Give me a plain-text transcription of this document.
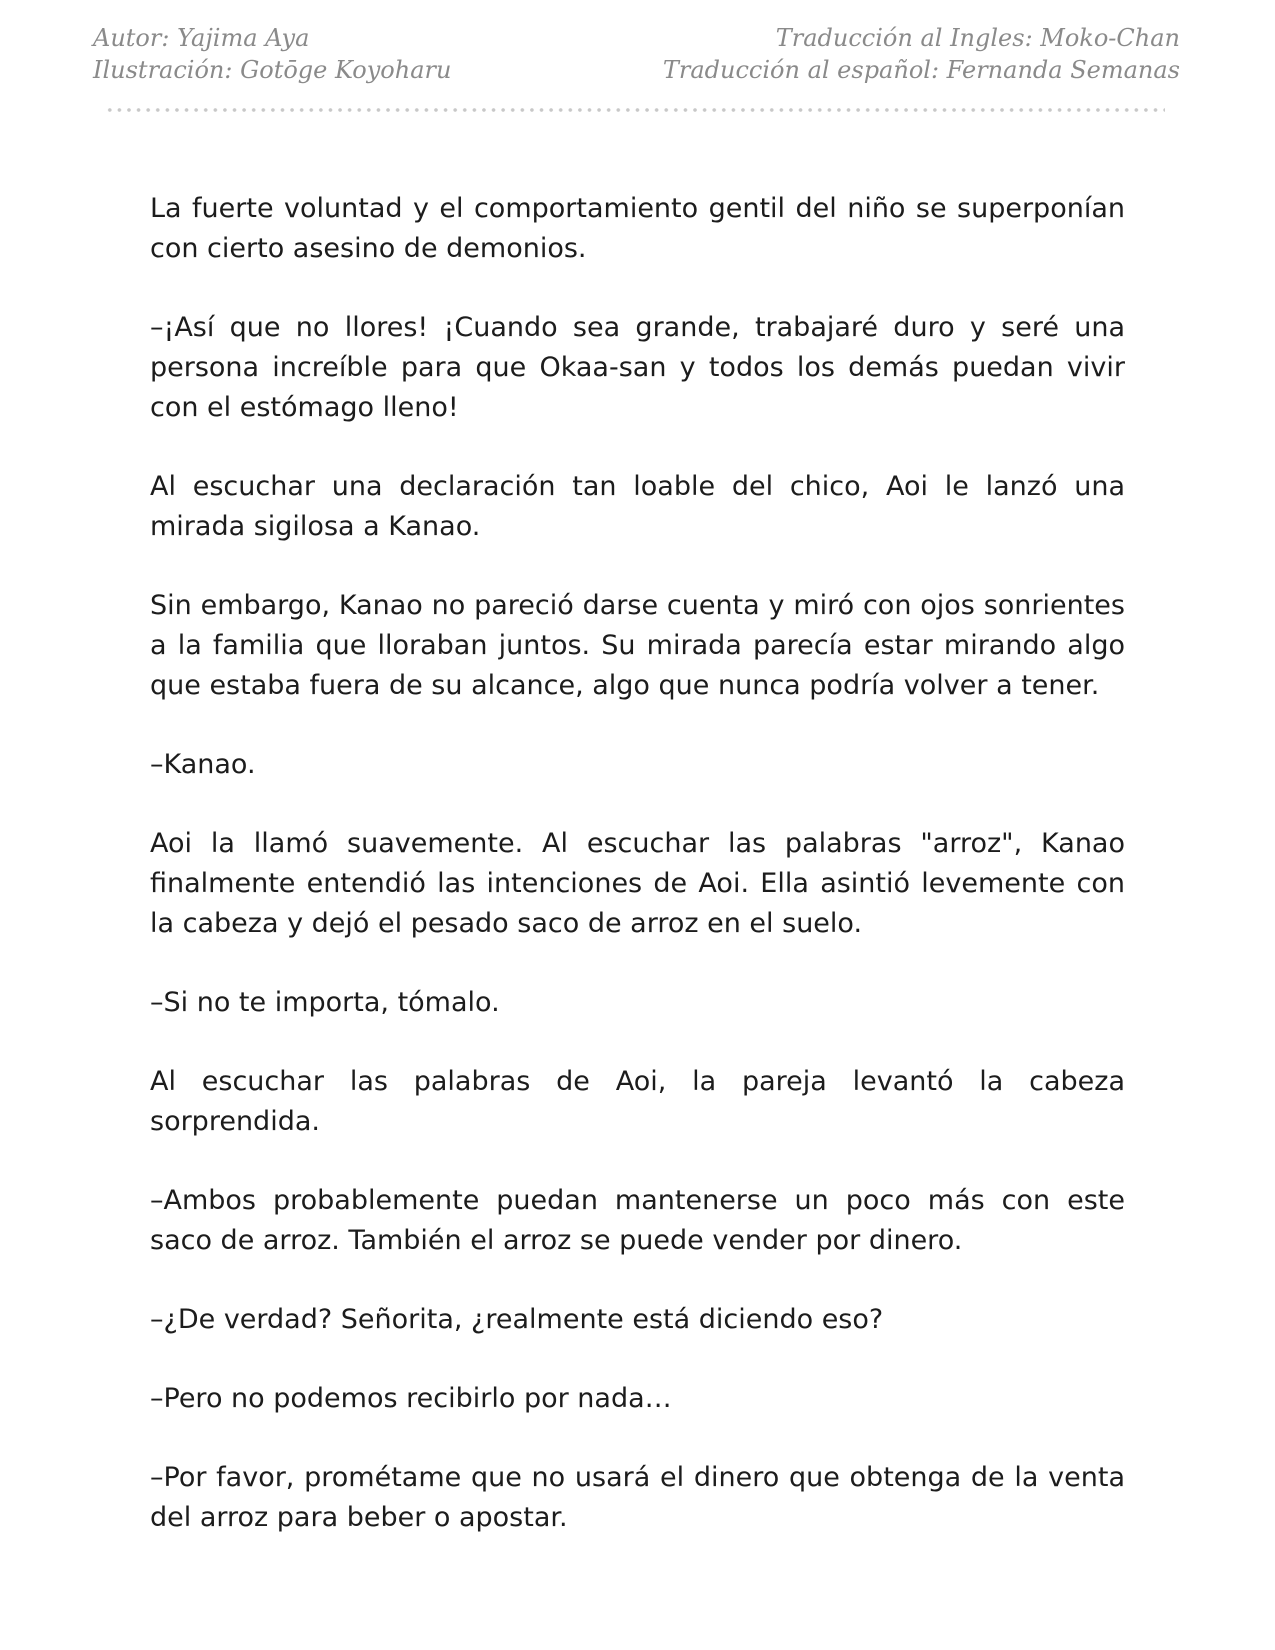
Autor: Yajima Aya
Ilustración: Gotōge Koyoharu
Traducción al Ingles: Moko-Chan
Traducción al español: Fernanda Semanas

La fuerte voluntad y el comportamiento gentil del niño se superponían con cierto asesino de demonios.

–¡Así que no llores! ¡Cuando sea grande, trabajaré duro y seré una persona increíble para que Okaa-san y todos los demás puedan vivir con el estómago lleno!

Al escuchar una declaración tan loable del chico, Aoi le lanzó una mirada sigilosa a Kanao.

Sin embargo, Kanao no pareció darse cuenta y miró con ojos sonrientes a la familia que lloraban juntos. Su mirada parecía estar mirando algo que estaba fuera de su alcance, algo que nunca podría volver a tener.

–Kanao.

Aoi la llamó suavemente. Al escuchar las palabras "arroz", Kanao finalmente entendió las intenciones de Aoi. Ella asintió levemente con la cabeza y dejó el pesado saco de arroz en el suelo.

–Si no te importa, tómalo.

Al escuchar las palabras de Aoi, la pareja levantó la cabeza sorprendida.

–Ambos probablemente puedan mantenerse un poco más con este saco de arroz. También el arroz se puede vender por dinero.

–¿De verdad? Señorita, ¿realmente está diciendo eso?

–Pero no podemos recibirlo por nada…

–Por favor, prométame que no usará el dinero que obtenga de la venta del arroz para beber o apostar.
